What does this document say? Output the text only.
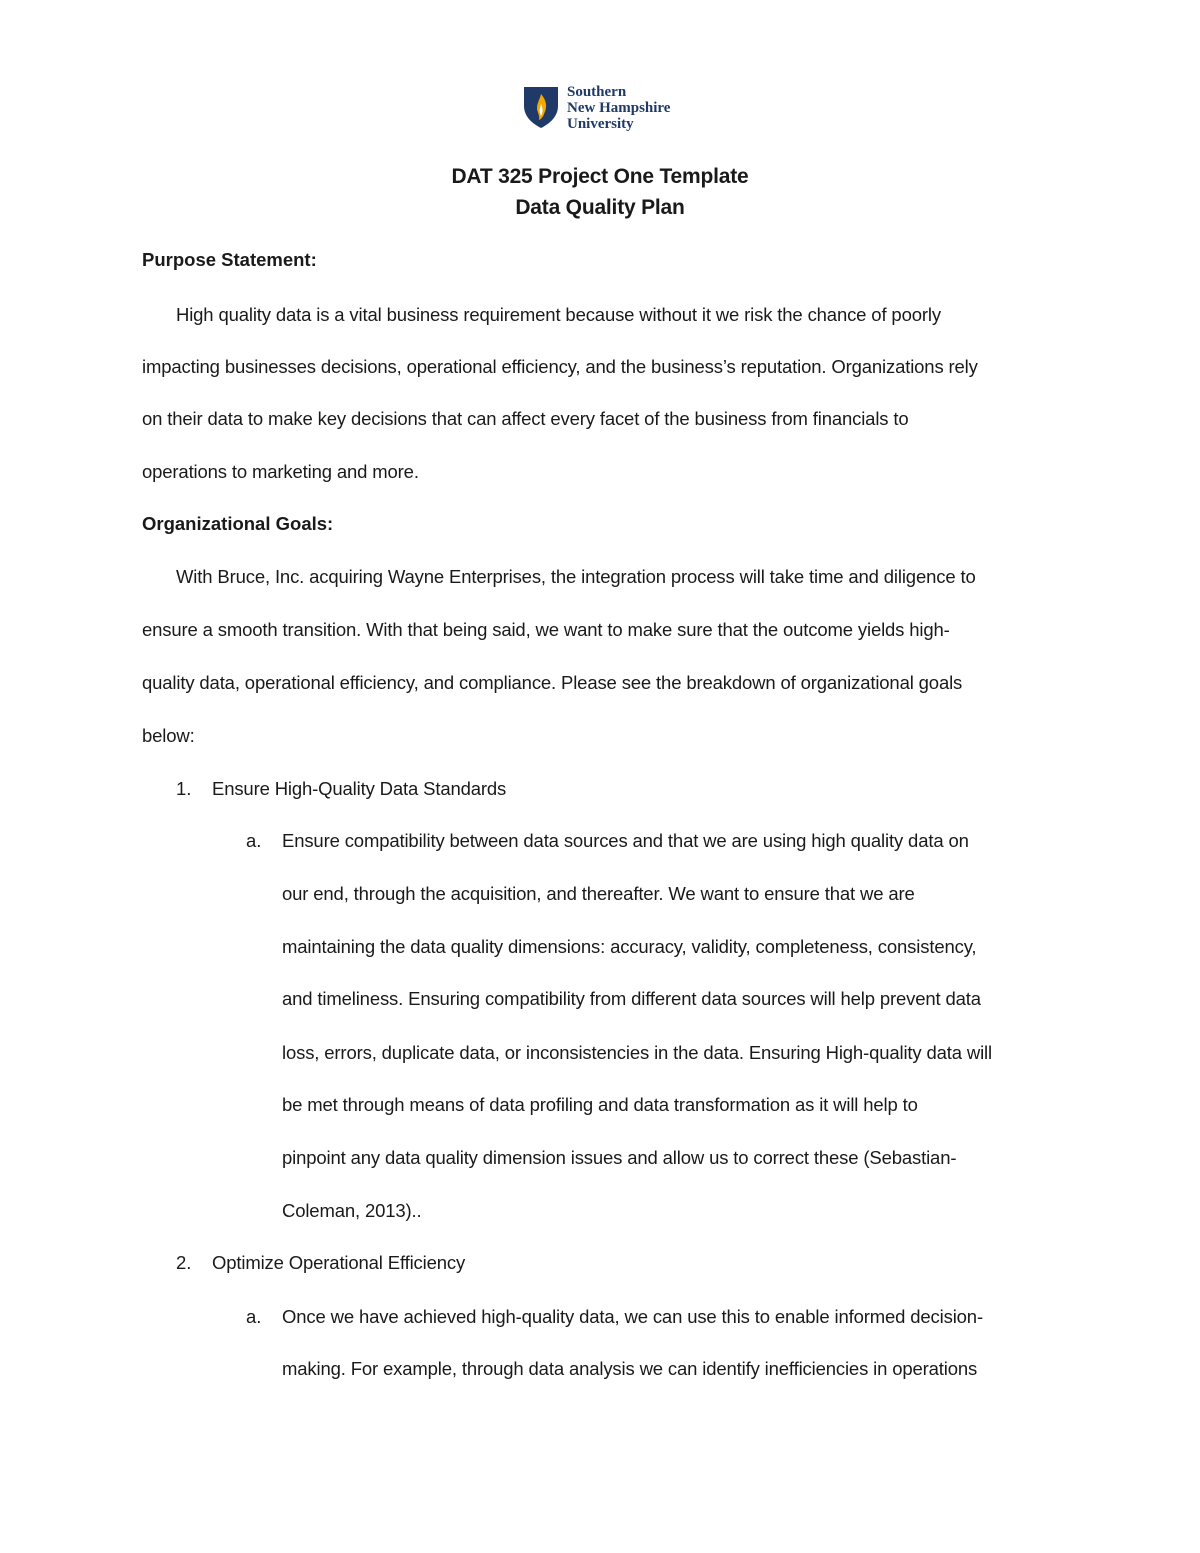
Southern
New Hampshire
University
DAT 325 Project One Template
Data Quality Plan
Purpose Statement:
High quality data is a vital business requirement because without it we risk the chance of poorly
impacting businesses decisions, operational efficiency, and the business’s reputation. Organizations rely
on their data to make key decisions that can affect every facet of the business from financials to
operations to marketing and more.
Organizational Goals:
With Bruce, Inc. acquiring Wayne Enterprises, the integration process will take time and diligence to
ensure a smooth transition. With that being said, we want to make sure that the outcome yields high-
quality data, operational efficiency, and compliance. Please see the breakdown of organizational goals
below:
1. Ensure High-Quality Data Standards
a. Ensure compatibility between data sources and that we are using high quality data on
our end, through the acquisition, and thereafter. We want to ensure that we are
maintaining the data quality dimensions: accuracy, validity, completeness, consistency,
and timeliness. Ensuring compatibility from different data sources will help prevent data
loss, errors, duplicate data, or inconsistencies in the data. Ensuring High-quality data will
be met through means of data profiling and data transformation as it will help to
pinpoint any data quality dimension issues and allow us to correct these (Sebastian-
Coleman, 2013)..
2. Optimize Operational Efficiency
a. Once we have achieved high-quality data, we can use this to enable informed decision-
making. For example, through data analysis we can identify inefficiencies in operations
